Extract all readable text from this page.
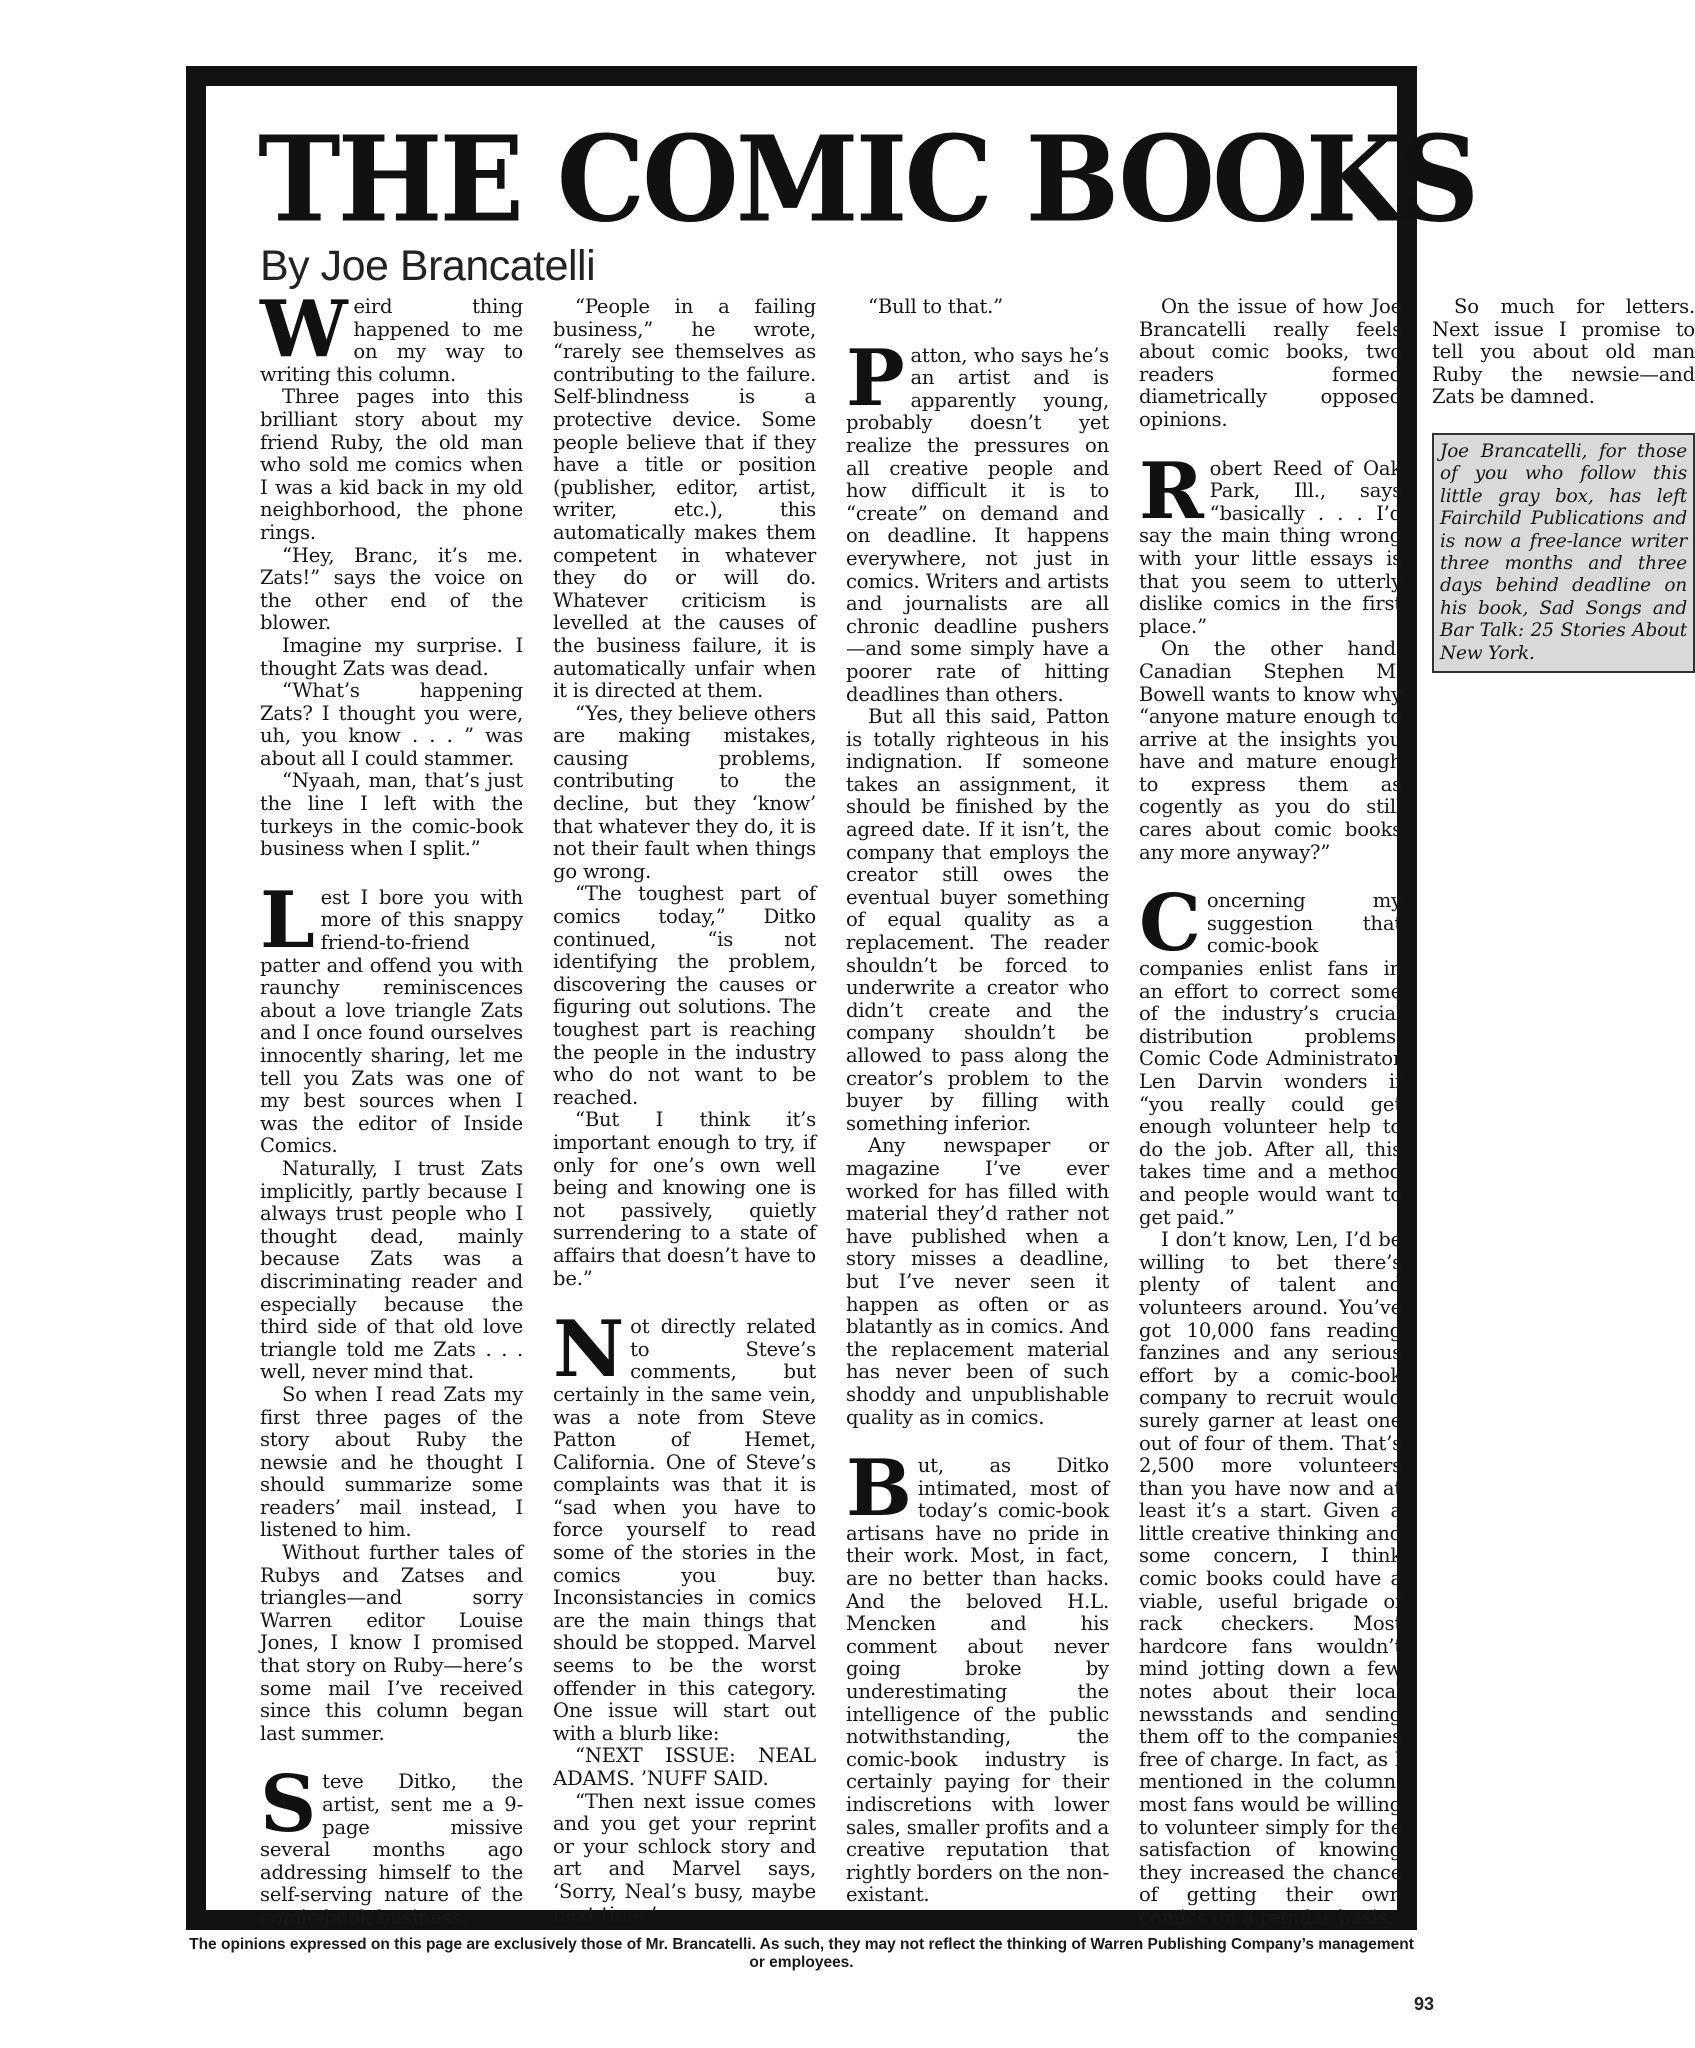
THE COMIC BOOKS
By Joe Brancatelli

Weird thing happened to me on my way to writing this column.

Three pages into this brilliant story about my friend Ruby, the old man who sold me comics when I was a kid back in my old neighborhood, the phone rings.

“Hey, Branc, it’s me. Zats!” says the voice on the other end of the blower.

Imagine my surprise. I thought Zats was dead.

“What’s happening Zats? I thought you were, uh, you know . . . ” was about all I could stammer.

“Nyaah, man, that’s just the line I left with the turkeys in the comic-book business when I split.”

Lest I bore you with more of this snappy friend-to-friend patter and offend you with raunchy reminiscences about a love triangle Zats and I once found ourselves innocently sharing, let me tell you Zats was one of my best sources when I was the editor of Inside Comics.

Naturally, I trust Zats implicitly, partly because I always trust people who I thought dead, mainly because Zats was a discriminating reader and especially because the third side of that old love triangle told me Zats . . . well, never mind that.

So when I read Zats my first three pages of the story about Ruby the newsie and he thought I should summarize some readers’ mail instead, I listened to him.

Without further tales of Rubys and Zatses and triangles—and sorry Warren editor Louise Jones, I know I promised that story on Ruby—here’s some mail I’ve received since this column began last summer.

Steve Ditko, the artist, sent me a 9-page missive several months ago addressing himself to the self-serving nature of the comic-book business.

“People in a failing business,” he wrote, “rarely see themselves as contributing to the failure. Self-blindness is a protective device. Some people believe that if they have a title or position (publisher, editor, artist, writer, etc.), this automatically makes them competent in whatever they do or will do. Whatever criticism is levelled at the causes of the business failure, it is automatically unfair when it is directed at them.

“Yes, they believe others are making mistakes, causing problems, contributing to the decline, but they ‘know’ that whatever they do, it is not their fault when things go wrong.

“The toughest part of comics today,” Ditko continued, “is not identifying the problem, discovering the causes or figuring out solutions. The toughest part is reaching the people in the industry who do not want to be reached.

“But I think it’s important enough to try, if only for one’s own well being and knowing one is not passively, quietly surrendering to a state of affairs that doesn’t have to be.”

Not directly related to Steve’s comments, but certainly in the same vein, was a note from Steve Patton of Hemet, California. One of Steve’s complaints was that it is “sad when you have to force yourself to read some of the stories in the comics you buy. Inconsistancies in comics are the main things that should be stopped. Marvel seems to be the worst offender in this category. One issue will start out with a blurb like:

“NEXT ISSUE: NEAL ADAMS. ’NUFF SAID.

“Then next issue comes and you get your reprint or your schlock story and art and Marvel says, ‘Sorry, Neal’s busy, maybe next time.’

“Bull to that.”

Patton, who says he’s an artist and is apparently young, probably doesn’t yet realize the pressures on all creative people and how difficult it is to “create” on demand and on deadline. It happens everywhere, not just in comics. Writers and artists and journalists are all chronic deadline pushers—and some simply have a poorer rate of hitting deadlines than others.

But all this said, Patton is totally righteous in his indignation. If someone takes an assignment, it should be finished by the agreed date. If it isn’t, the company that employs the creator still owes the eventual buyer something of equal quality as a replacement. The reader shouldn’t be forced to underwrite a creator who didn’t create and the company shouldn’t be allowed to pass along the creator’s problem to the buyer by filling with something inferior.

Any newspaper or magazine I’ve ever worked for has filled with material they’d rather not have published when a story misses a deadline, but I’ve never seen it happen as often or as blatantly as in comics. And the replacement material has never been of such shoddy and unpublishable quality as in comics.

But, as Ditko intimated, most of today’s comic-book artisans have no pride in their work. Most, in fact, are no better than hacks. And the beloved H.L. Mencken and his comment about never going broke by underestimating the intelligence of the public notwithstanding, the comic-book industry is certainly paying for their indiscretions with lower sales, smaller profits and a creative reputation that rightly borders on the non-existant.

On the issue of how Joe Brancatelli really feels about comic books, two readers formed diametrically opposed opinions.

Robert Reed of Oak Park, Ill., says “basically . . . I’d say the main thing wrong with your little essays is that you seem to utterly dislike comics in the first place.”

On the other hand, Canadian Stephen M. Bowell wants to know why “anyone mature enough to arrive at the insights you have and mature enough to express them as cogently as you do still cares about comic books any more anyway?”

Concerning my suggestion that comic-book companies enlist fans in an effort to correct some of the industry’s crucial distribution problems, Comic Code Administrator Len Darvin wonders if “you really could get enough volunteer help to do the job. After all, this takes time and a method and people would want to get paid.”

I don’t know, Len, I’d be willing to bet there’s plenty of talent and volunteers around. You’ve got 10,000 fans reading fanzines and any serious effort by a comic-book company to recruit would surely garner at least one out of four of them. That’s 2,500 more volunteers than you have now and at least it’s a start. Given a little creative thinking and some concern, I think comic books could have a viable, useful brigade of rack checkers. Most hardcore fans wouldn’t mind jotting down a few notes about their local newsstands and sending them off to the companies free of charge. In fact, as I mentioned in the column, most fans would be willing to volunteer simply for the satisfaction of knowing they increased the chance of getting their own comics on a regular basis.

So much for letters. Next issue I promise to tell you about old man Ruby the newsie—and Zats be damned.

Joe Brancatelli, for those of you who follow this little gray box, has left Fairchild Publications and is now a free-lance writer three months and three days behind deadline on his book, Sad Songs and Bar Talk: 25 Stories About New York.

The opinions expressed on this page are exclusively those of Mr. Brancatelli. As such, they may not reflect the thinking of Warren Publishing Company’s management or employees.

93
